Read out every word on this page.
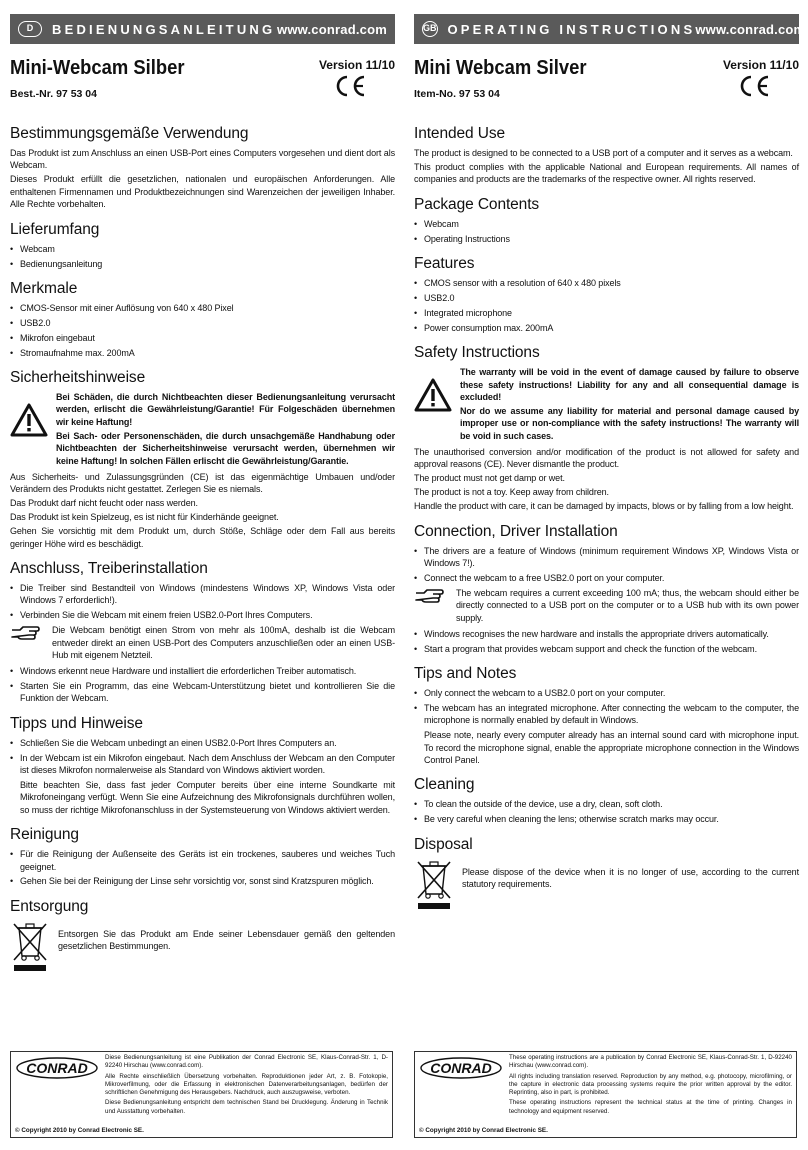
D	BEDIENUNGSANLEITUNG www.conrad.com
Mini-Webcam Silber
Best.-Nr. 97 53 04
Version 11/10
Bestimmungsgemäße Verwendung

Das Produkt ist zum Anschluss an einen USB-Port eines Computers vorgesehen und dient dort als Webcam.

Dieses Produkt erfüllt die gesetzlichen, nationalen und europäischen Anforderungen. Alle enthaltenen Firmennamen und Produktbezeichnungen sind Warenzeichen der jeweiligen Inhaber. Alle Rechte vorbehalten.

Lieferumfang
• Webcam
• Bedienungsanleitung
Merkmale
• CMOS-Sensor mit einer Auflösung von 640 x 480 Pixel
• USB2.0
• Mikrofon eingebaut
• Stromaufnahme max. 200mA
Sicherheitshinweise

Bei Schäden, die durch Nichtbeachten dieser Bedienungsanleitung verursacht werden, erlischt die Gewährleistung/Garantie! Für Folgeschäden übernehmen wir keine Haftung!

Bei Sach- oder Personenschäden, die durch unsachgemäße Handhabung oder Nichtbeachten der Sicherheitshinweise verursacht werden, übernehmen wir keine Haftung! In solchen Fällen erlischt die Gewährleistung/Garantie.

Aus Sicherheits- und Zulassungsgründen (CE) ist das eigenmächtige Umbauen und/oder Verändern des Produkts nicht gestattet. Zerlegen Sie es niemals.

Das Produkt darf nicht feucht oder nass werden.

Das Produkt ist kein Spielzeug, es ist nicht für Kinderhände geeignet.

Gehen Sie vorsichtig mit dem Produkt um, durch Stöße, Schläge oder dem Fall aus bereits geringer Höhe wird es beschädigt.

Anschluss, Treiberinstallation
• Die Treiber sind Bestandteil von Windows (mindestens Windows XP, Windows Vista oder Windows 7 erforderlich!).
• Verbinden Sie die Webcam mit einem freien USB2.0-Port Ihres Computers.

Die Webcam benötigt einen Strom von mehr als 100mA, deshalb ist die Webcam entweder direkt an einen USB-Port des Computers anzuschließen oder an einen USB-Hub mit eigenem Netzteil.

• Windows erkennt neue Hardware und installiert die erforderlichen Treiber automatisch.
• Starten Sie ein Programm, das eine Webcam-Unterstützung bietet und kontrollieren Sie die Funktion der Webcam.
Tipps und Hinweise
• Schließen Sie die Webcam unbedingt an einen USB2.0-Port Ihres Computers an.
• In der Webcam ist ein Mikrofon eingebaut. Nach dem Anschluss der Webcam an den Computer ist dieses Mikrofon normalerweise als Standard von Windows aktiviert worden.

Bitte beachten Sie, dass fast jeder Computer bereits über eine interne Soundkarte mit Mikrofoneingang verfügt. Wenn Sie eine Aufzeichnung des Mikrofonsignals durchführen wollen, so muss der richtige Mikrofonanschluss in der Systemsteuerung von Windows aktiviert werden.

Reinigung
• Für die Reinigung der Außenseite des Geräts ist ein trockenes, sauberes und weiches Tuch geeignet.
• Gehen Sie bei der Reinigung der Linse sehr vorsichtig vor, sonst sind Kratzspuren möglich.
Entsorgung

Entsorgen Sie das Produkt am Ende seiner Lebensdauer gemäß den geltenden gesetzlichen Bestimmungen.

GB OPERATING INSTRUCTIONS www.conrad.com
Mini Webcam Silver
Item-No. 97 53 04
Version 11/10
Intended Use

The product is designed to be connected to a USB port of a computer and it serves as a webcam.

This product complies with the applicable National and European requirements. All names of companies and products are the trademarks of the respective owner. All rights reserved.

Package Contents
• Webcam
• Operating Instructions
Features
• CMOS sensor with a resolution of 640 x 480 pixels
• USB2.0
• Integrated microphone
• Power consumption max. 200mA
Safety Instructions

The warranty will be void in the event of damage caused by failure to observe these safety instructions! Liability for any and all consequential damage is excluded!

Nor do we assume any liability for material and personal damage caused by improper use or non-compliance with the safety instructions! The warranty will be void in such cases.

The unauthorised conversion and/or modification of the product is not allowed for safety and approval reasons (CE). Never dismantle the product.

The product must not get damp or wet.

The product is not a toy. Keep away from children.

Handle the product with care, it can be damaged by impacts, blows or by falling from a low height.

Connection, Driver Installation
• The drivers are a feature of Windows (minimum requirement Windows XP, Windows Vista or Windows 7!).
• Connect the webcam to a free USB2.0 port on your computer.

The webcam requires a current exceeding 100 mA; thus, the webcam should either be directly connected to a USB port on the computer or to a USB hub with its own power supply.

• Windows recognises the new hardware and installs the appropriate drivers automatically.
• Start a program that provides webcam support and check the function of the webcam.
Tips and Notes
• Only connect the webcam to a USB2.0 port on your computer.
• The webcam has an integrated microphone. After connecting the webcam to the computer, the microphone is normally enabled by default in Windows.

Please note, nearly every computer already has an internal sound card with microphone input. To record the microphone signal, enable the appropriate microphone connection in the Windows Control Panel.

Cleaning
• To clean the outside of the device, use a dry, clean, soft cloth.
• Be very careful when cleaning the lens; otherwise scratch marks may occur.
Disposal

Please dispose of the device when it is no longer of use, according to the current statutory requirements.

CONRAD

Diese Bedienungsanleitung ist eine Publikation der Conrad Electronic SE, Klaus-Conrad-Str. 1, D-92240 Hirschau (www.conrad.com).

Alle Rechte einschließlich Übersetzung vorbehalten. Reproduktionen jeder Art, z. B. Fotokopie, Mikroverfilmung, oder die Erfassung in elektronischen Datenverarbeitungsanlagen, bedürfen der schriftlichen Genehmigung des Herausgebers. Nachdruck, auch auszugsweise, verboten.

Diese Bedienungsanleitung entspricht dem technischen Stand bei Drucklegung. Änderung in Technik und Ausstattung vorbehalten.

© Copyright 2010 by Conrad Electronic SE.
CONRAD

These operating instructions are a publication by Conrad Electronic SE, Klaus-Conrad-Str. 1, D-92240 Hirschau (www.conrad.com).

All rights including translation reserved. Reproduction by any method, e.g. photocopy, microfilming, or the capture in electronic data processing systems require the prior written approval by the editor. Reprinting, also in part, is prohibited.

These operating instructions represent the technical status at the time of printing. Changes in technology and equipment reserved.

© Copyright 2010 by Conrad Electronic SE.
